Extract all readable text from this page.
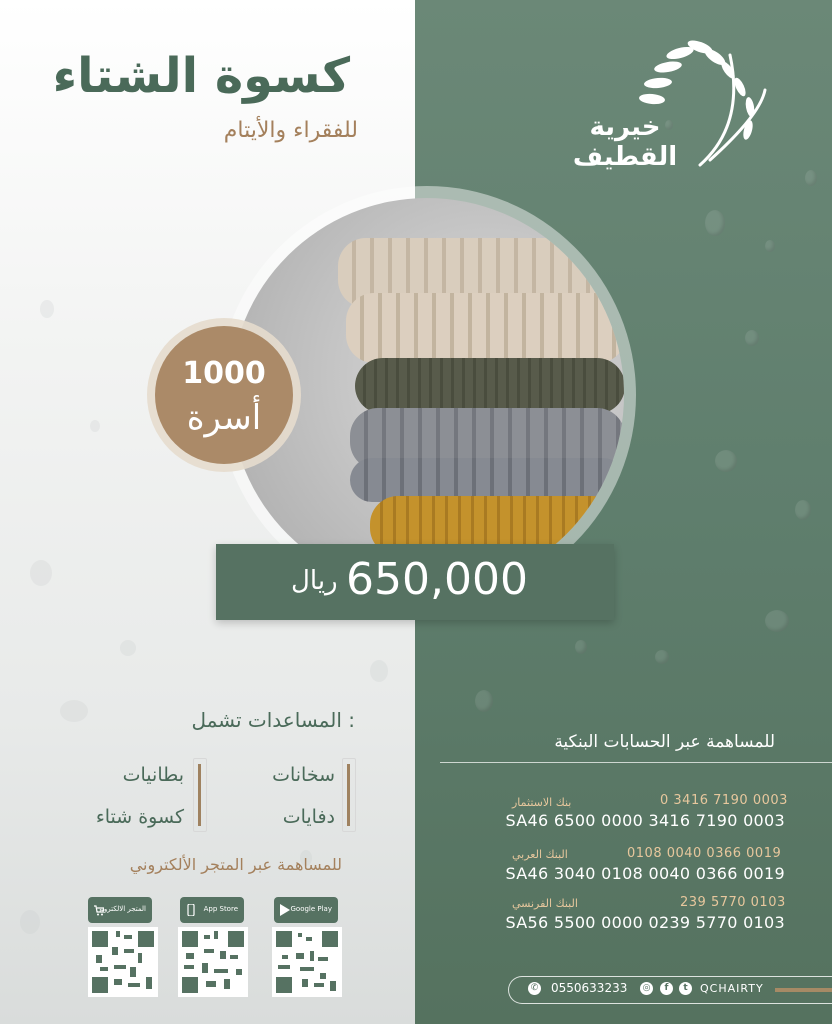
كسوة الشتاء
للفقراء والأيتام	خيرية القطيف
1000
أسرة
ريال 650,000
المساعدات تشمل :
سخانات
بطانيات
دفايات
كسوة شتاء
للمساهمة عبر المتجر الألكتروني
Google Play
App Store
المتجر الالكتروني
للمساهمة عبر الحسابات البنكية
بنك الاستثمار	0 3416 7190 0003
SA46 6500 0000 3416 7190 0003
البنك العربي	0108 0040 0366 0019
SA46 3040 0108 0040 0366 0019
البنك الفرنسي	239 5770 0103
SA56 5500 0000 0239 5770 0103
✆ 0550633233 ◎	f	t	QCHAIRTY
